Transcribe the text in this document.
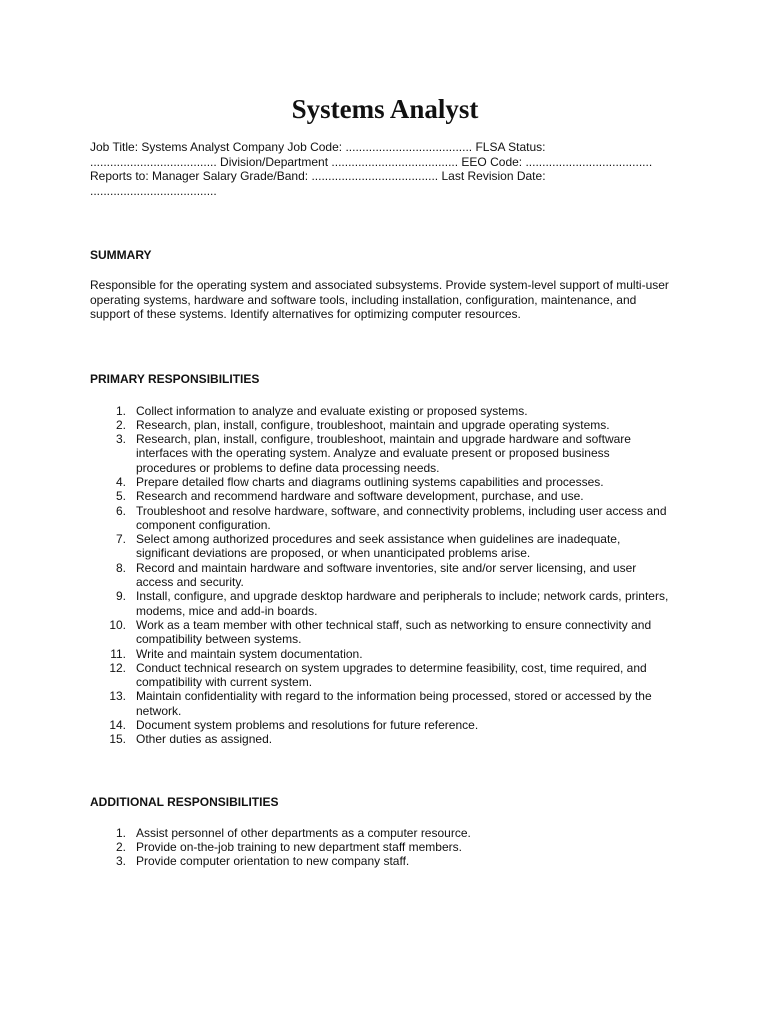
Systems Analyst
Job Title: Systems Analyst Company Job Code: ...................................... FLSA Status: ...................................... Division/Department ...................................... EEO Code: ...................................... Reports to: Manager Salary Grade/Band: ...................................... Last Revision Date: ......................................
SUMMARY
Responsible for the operating system and associated subsystems. Provide system-level support of multi-user operating systems, hardware and software tools, including installation, configuration, maintenance, and support of these systems. Identify alternatives for optimizing computer resources.
PRIMARY RESPONSIBILITIES
1. Collect information to analyze and evaluate existing or proposed systems.
2. Research, plan, install, configure, troubleshoot, maintain and upgrade operating systems.
3. Research, plan, install, configure, troubleshoot, maintain and upgrade hardware and software interfaces with the operating system. Analyze and evaluate present or proposed business procedures or problems to define data processing needs.
4. Prepare detailed flow charts and diagrams outlining systems capabilities and processes.
5. Research and recommend hardware and software development, purchase, and use.
6. Troubleshoot and resolve hardware, software, and connectivity problems, including user access and component configuration.
7. Select among authorized procedures and seek assistance when guidelines are inadequate, significant deviations are proposed, or when unanticipated problems arise.
8. Record and maintain hardware and software inventories, site and/or server licensing, and user access and security.
9. Install, configure, and upgrade desktop hardware and peripherals to include; network cards, printers, modems, mice and add-in boards.
10. Work as a team member with other technical staff, such as networking to ensure connectivity and compatibility between systems.
11. Write and maintain system documentation.
12. Conduct technical research on system upgrades to determine feasibility, cost, time required, and compatibility with current system.
13. Maintain confidentiality with regard to the information being processed, stored or accessed by the network.
14. Document system problems and resolutions for future reference.
15. Other duties as assigned.
ADDITIONAL RESPONSIBILITIES
1. Assist personnel of other departments as a computer resource.
2. Provide on-the-job training to new department staff members.
3. Provide computer orientation to new company staff.
